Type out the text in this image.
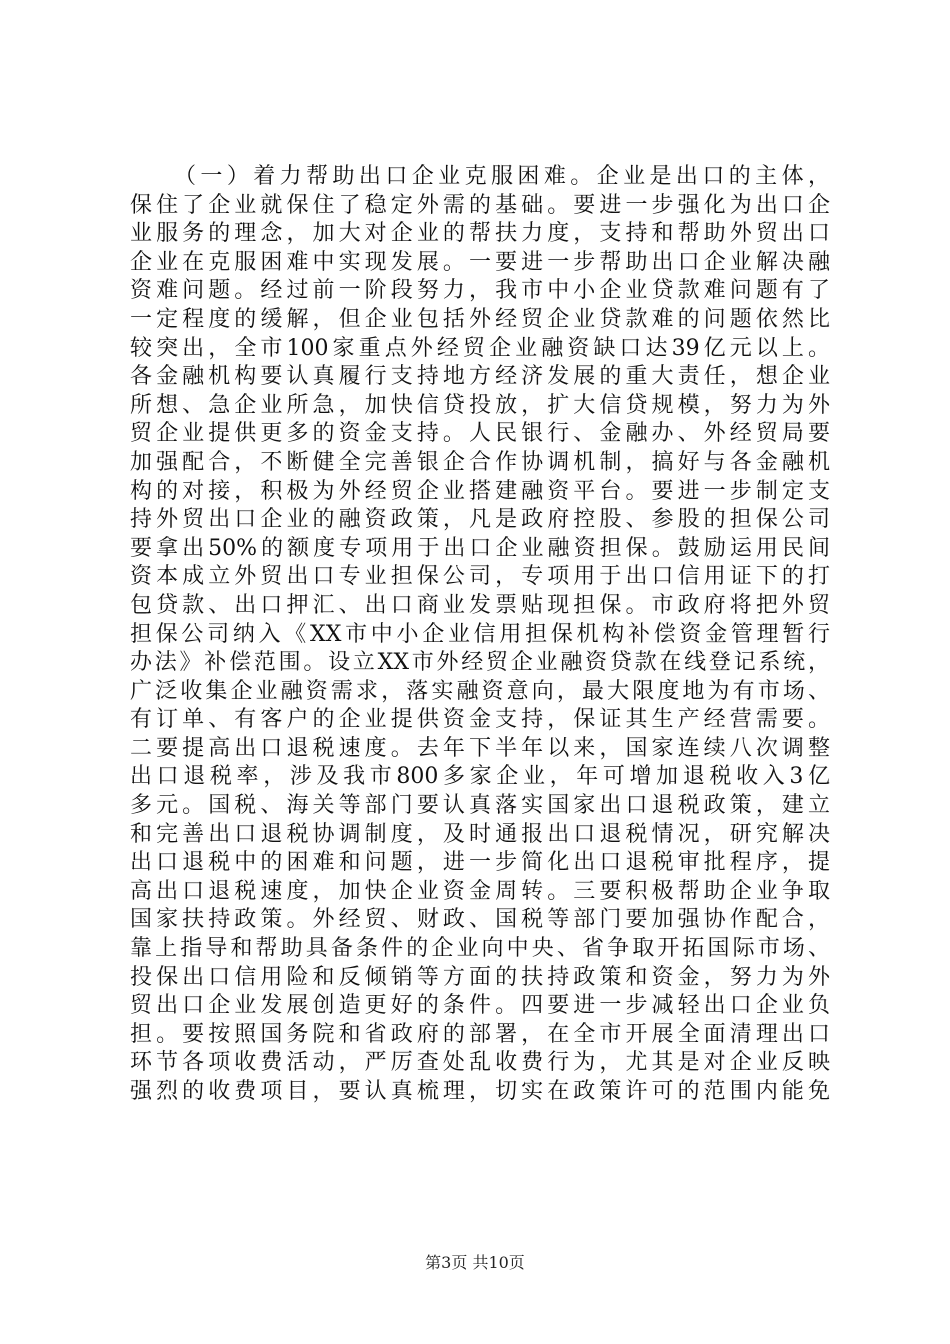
（一）着力帮助出口企业克服困难。企业是出口的主体，
保住了企业就保住了稳定外需的基础。要进一步强化为出口企
业服务的理念，加大对企业的帮扶力度，支持和帮助外贸出口
企业在克服困难中实现发展。一要进一步帮助出口企业解决融
资难问题。经过前一阶段努力，我市中小企业贷款难问题有了
一定程度的缓解，但企业包括外经贸企业贷款难的问题依然比
较突出，全市100家重点外经贸企业融资缺口达39亿元以上。
各金融机构要认真履行支持地方经济发展的重大责任，想企业
所想、急企业所急，加快信贷投放，扩大信贷规模，努力为外
贸企业提供更多的资金支持。人民银行、金融办、外经贸局要
加强配合，不断健全完善银企合作协调机制，搞好与各金融机
构的对接，积极为外经贸企业搭建融资平台。要进一步制定支
持外贸出口企业的融资政策，凡是政府控股、参股的担保公司
要拿出50%的额度专项用于出口企业融资担保。鼓励运用民间
资本成立外贸出口专业担保公司，专项用于出口信用证下的打
包贷款、出口押汇、出口商业发票贴现担保。市政府将把外贸
担保公司纳入《XX市中小企业信用担保机构补偿资金管理暂行
办法》补偿范围。设立XX市外经贸企业融资贷款在线登记系统，
广泛收集企业融资需求，落实融资意向，最大限度地为有市场、
有订单、有客户的企业提供资金支持，保证其生产经营需要。
二要提高出口退税速度。去年下半年以来，国家连续八次调整
出口退税率，涉及我市800多家企业，年可增加退税收入3亿
多元。国税、海关等部门要认真落实国家出口退税政策，建立
和完善出口退税协调制度，及时通报出口退税情况，研究解决
出口退税中的困难和问题，进一步简化出口退税审批程序，提
高出口退税速度，加快企业资金周转。三要积极帮助企业争取
国家扶持政策。外经贸、财政、国税等部门要加强协作配合，
靠上指导和帮助具备条件的企业向中央、省争取开拓国际市场、
投保出口信用险和反倾销等方面的扶持政策和资金，努力为外
贸出口企业发展创造更好的条件。四要进一步减轻出口企业负
担。要按照国务院和省政府的部署，在全市开展全面清理出口
环节各项收费活动，严厉查处乱收费行为，尤其是对企业反映
强烈的收费项目，要认真梳理，切实在政策许可的范围内能免
第3页 共10页
